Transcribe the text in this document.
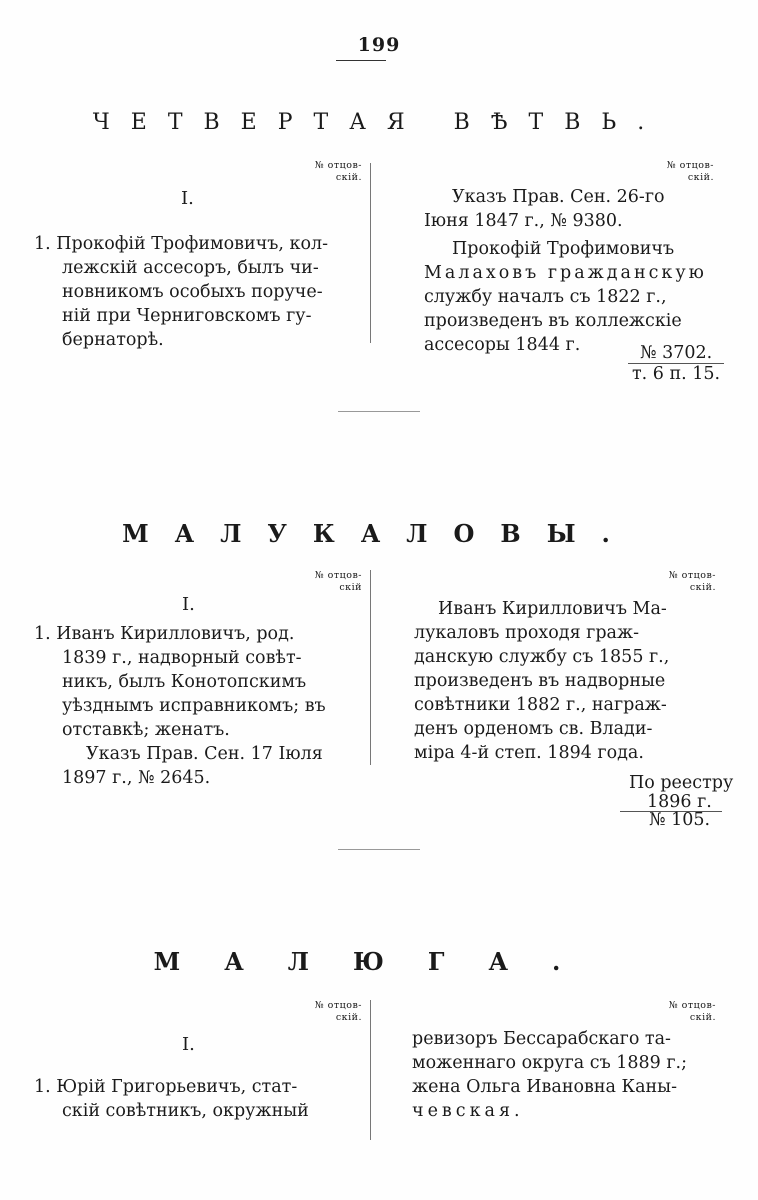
199
ЧЕТВЕРТАЯ ВѢТВЬ.
№ отцов-
скій.
№ отцов-
скій.
I.
1. Прокофій Трофимовичъ, кол-
лежскій ассесоръ, былъ чи-
новникомъ особыхъ поруче-
ній при Черниговскомъ гу-
бернаторѣ.
Указъ Прав. Сен. 26-го
Іюня 1847 г., № 9380.
Прокофій Трофимовичъ
Малаховъ гражданскую
службу началъ съ 1822 г.,
произведенъ въ коллежскіе
ассесоры 1844 г.	№ 3702.
т. 6 п. 15.
МАЛУКАЛОВЫ.
№ отцов-
скій
№ отцов-
скій.
I.
1. Иванъ Кирилловичъ, род.
1839 г., надворный совѣт-
никъ, былъ Конотопскимъ
уѣзднымъ исправникомъ; въ
отставкѣ; женатъ.
Указъ Прав. Сен. 17 Іюля
1897 г., № 2645.
Иванъ Кирилловичъ Ма-
лукаловъ проходя граж-
данскую службу съ 1855 г.,
произведенъ въ надворные
совѣтники 1882 г., награж-
денъ орденомъ св. Влади-
міра 4-й степ. 1894 года.
По реестру
1896 г.
№ 105.
МАЛЮГА.
№ отцов-
скій.
№ отцов-
скій.
I.
1. Юрій Григорьевичъ, стат-
скій совѣтникъ, окружный
ревизоръ Бессарабскаго та-
моженнаго округа съ 1889 г.;
жена Ольга Ивановна Каны-
чевская.
